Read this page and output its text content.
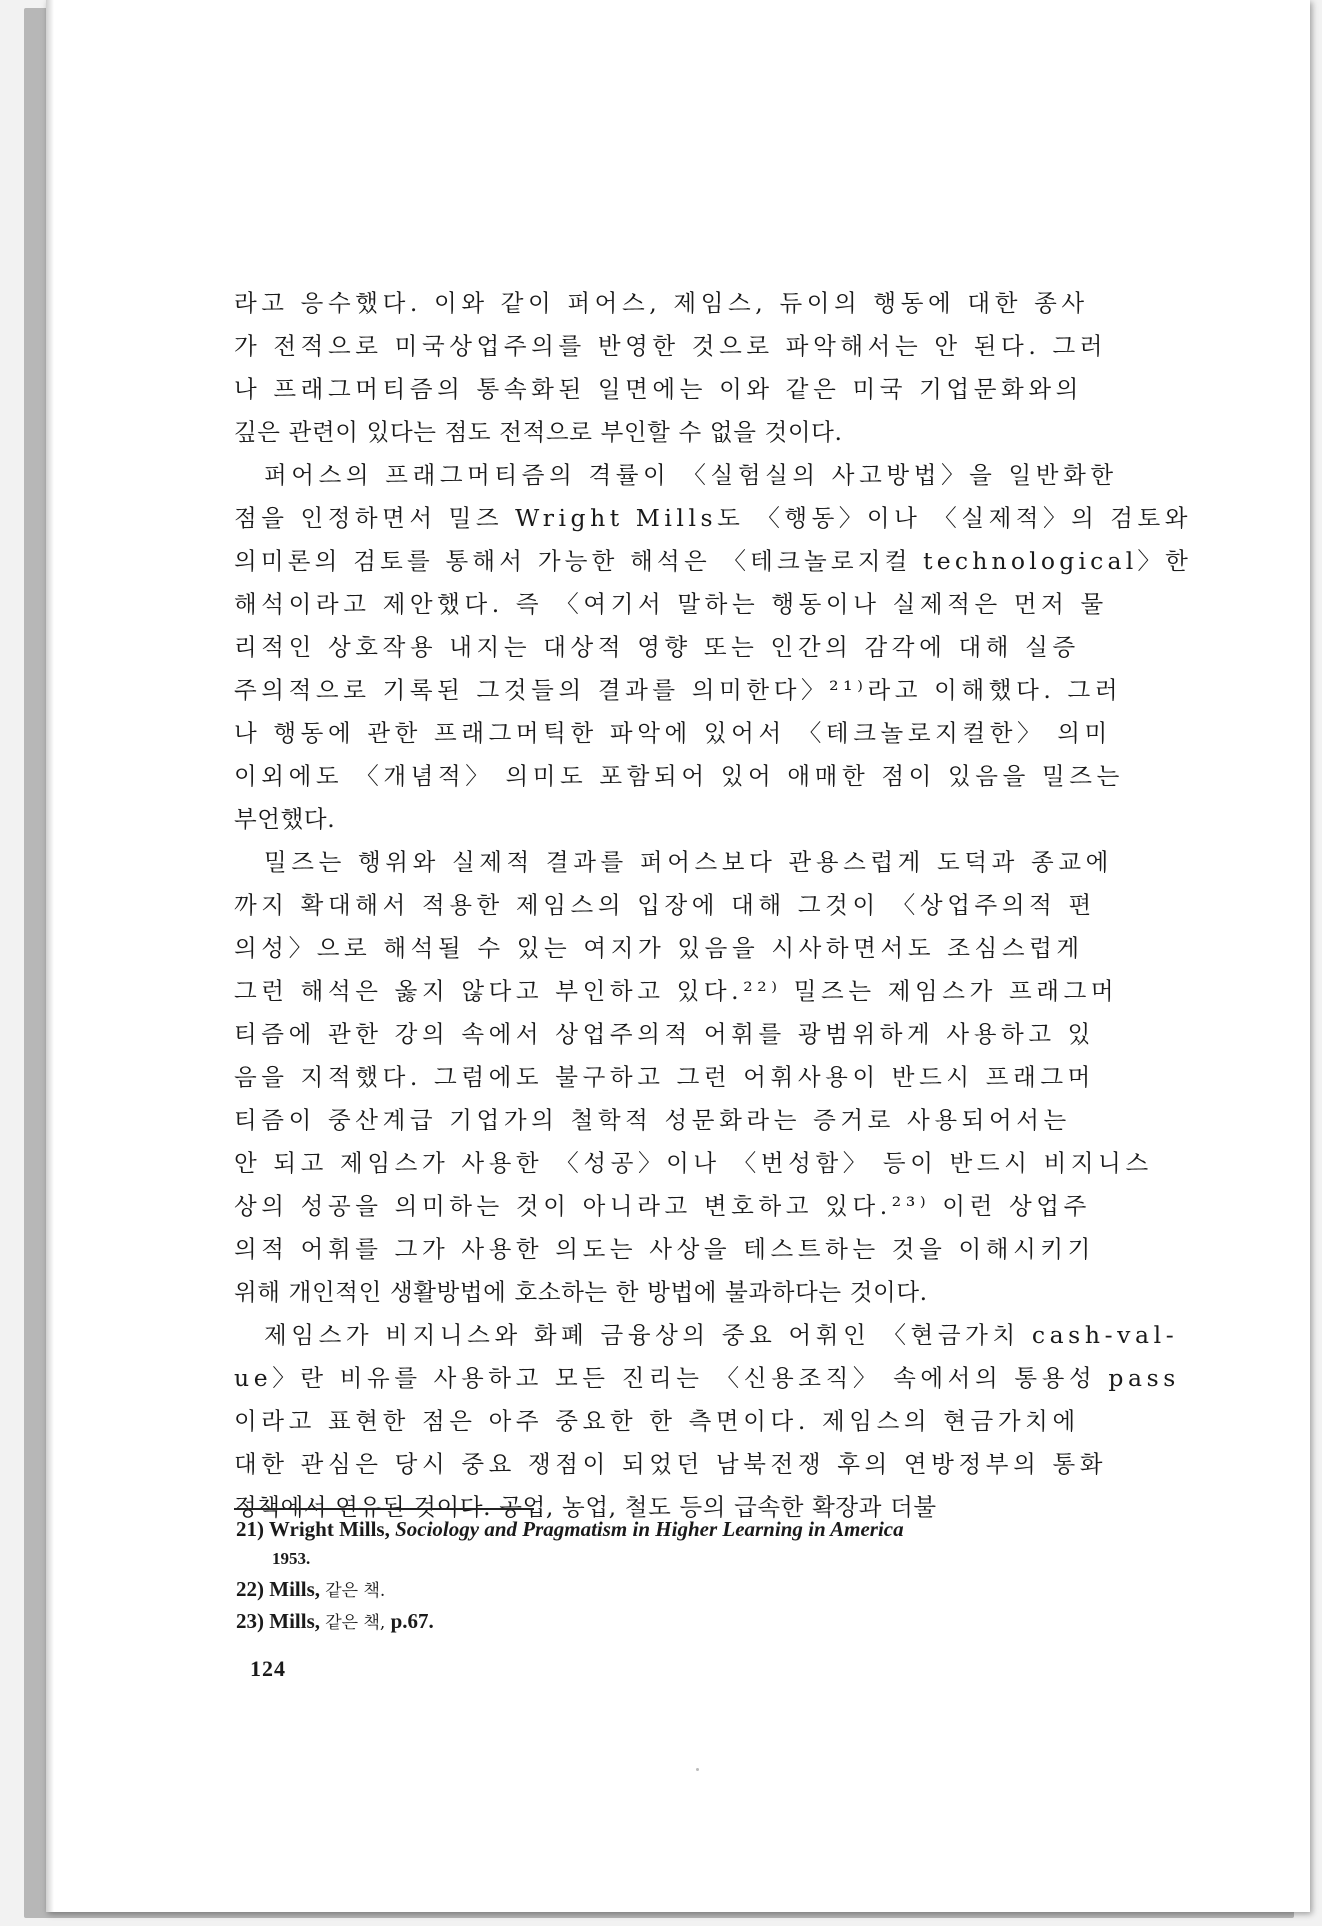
라고 응수했다. 이와 같이 퍼어스, 제임스, 듀이의 행동에 대한 종사
가 전적으로 미국상업주의를 반영한 것으로 파악해서는 안 된다. 그러
나 프래그머티즘의 통속화된 일면에는 이와 같은 미국 기업문화와의
깊은 관련이 있다는 점도 전적으로 부인할 수 없을 것이다.
퍼어스의 프래그머티즘의 격률이 〈실험실의 사고방법〉을 일반화한
점을 인정하면서 밀즈 Wright Mills도 〈행동〉이나 〈실제적〉의 검토와
의미론의 검토를 통해서 가능한 해석은 〈테크놀로지컬 technological〉한
해석이라고 제안했다. 즉 〈여기서 말하는 행동이나 실제적은 먼저 물
리적인 상호작용 내지는 대상적 영향 또는 인간의 감각에 대해 실증
주의적으로 기록된 그것들의 결과를 의미한다〉²¹⁾라고 이해했다. 그러
나 행동에 관한 프래그머틱한 파악에 있어서 〈테크놀로지컬한〉 의미
이외에도 〈개념적〉 의미도 포함되어 있어 애매한 점이 있음을 밀즈는
부언했다.
밀즈는 행위와 실제적 결과를 퍼어스보다 관용스럽게 도덕과 종교에
까지 확대해서 적용한 제임스의 입장에 대해 그것이 〈상업주의적 편
의성〉으로 해석될 수 있는 여지가 있음을 시사하면서도 조심스럽게
그런 해석은 옳지 않다고 부인하고 있다.²²⁾ 밀즈는 제임스가 프래그머
티즘에 관한 강의 속에서 상업주의적 어휘를 광범위하게 사용하고 있
음을 지적했다. 그럼에도 불구하고 그런 어휘사용이 반드시 프래그머
티즘이 중산계급 기업가의 철학적 성문화라는 증거로 사용되어서는
안 되고 제임스가 사용한 〈성공〉이나 〈번성함〉 등이 반드시 비지니스
상의 성공을 의미하는 것이 아니라고 변호하고 있다.²³⁾ 이런 상업주
의적 어휘를 그가 사용한 의도는 사상을 테스트하는 것을 이해시키기
위해 개인적인 생활방법에 호소하는 한 방법에 불과하다는 것이다.
제임스가 비지니스와 화폐 금융상의 중요 어휘인 〈현금가치 cash-val-
ue〉란 비유를 사용하고 모든 진리는 〈신용조직〉 속에서의 통용성 pass
이라고 표현한 점은 아주 중요한 한 측면이다. 제임스의 현금가치에
대한 관심은 당시 중요 쟁점이 되었던 남북전쟁 후의 연방정부의 통화
정책에서 연유된 것이다. 공업, 농업, 철도 등의 급속한 확장과 더불

21) Wright Mills, Sociology and Pragmatism in Higher Learning in America

1953.

22) Mills, 같은 책.

23) Mills, 같은 책, p.67.

124
